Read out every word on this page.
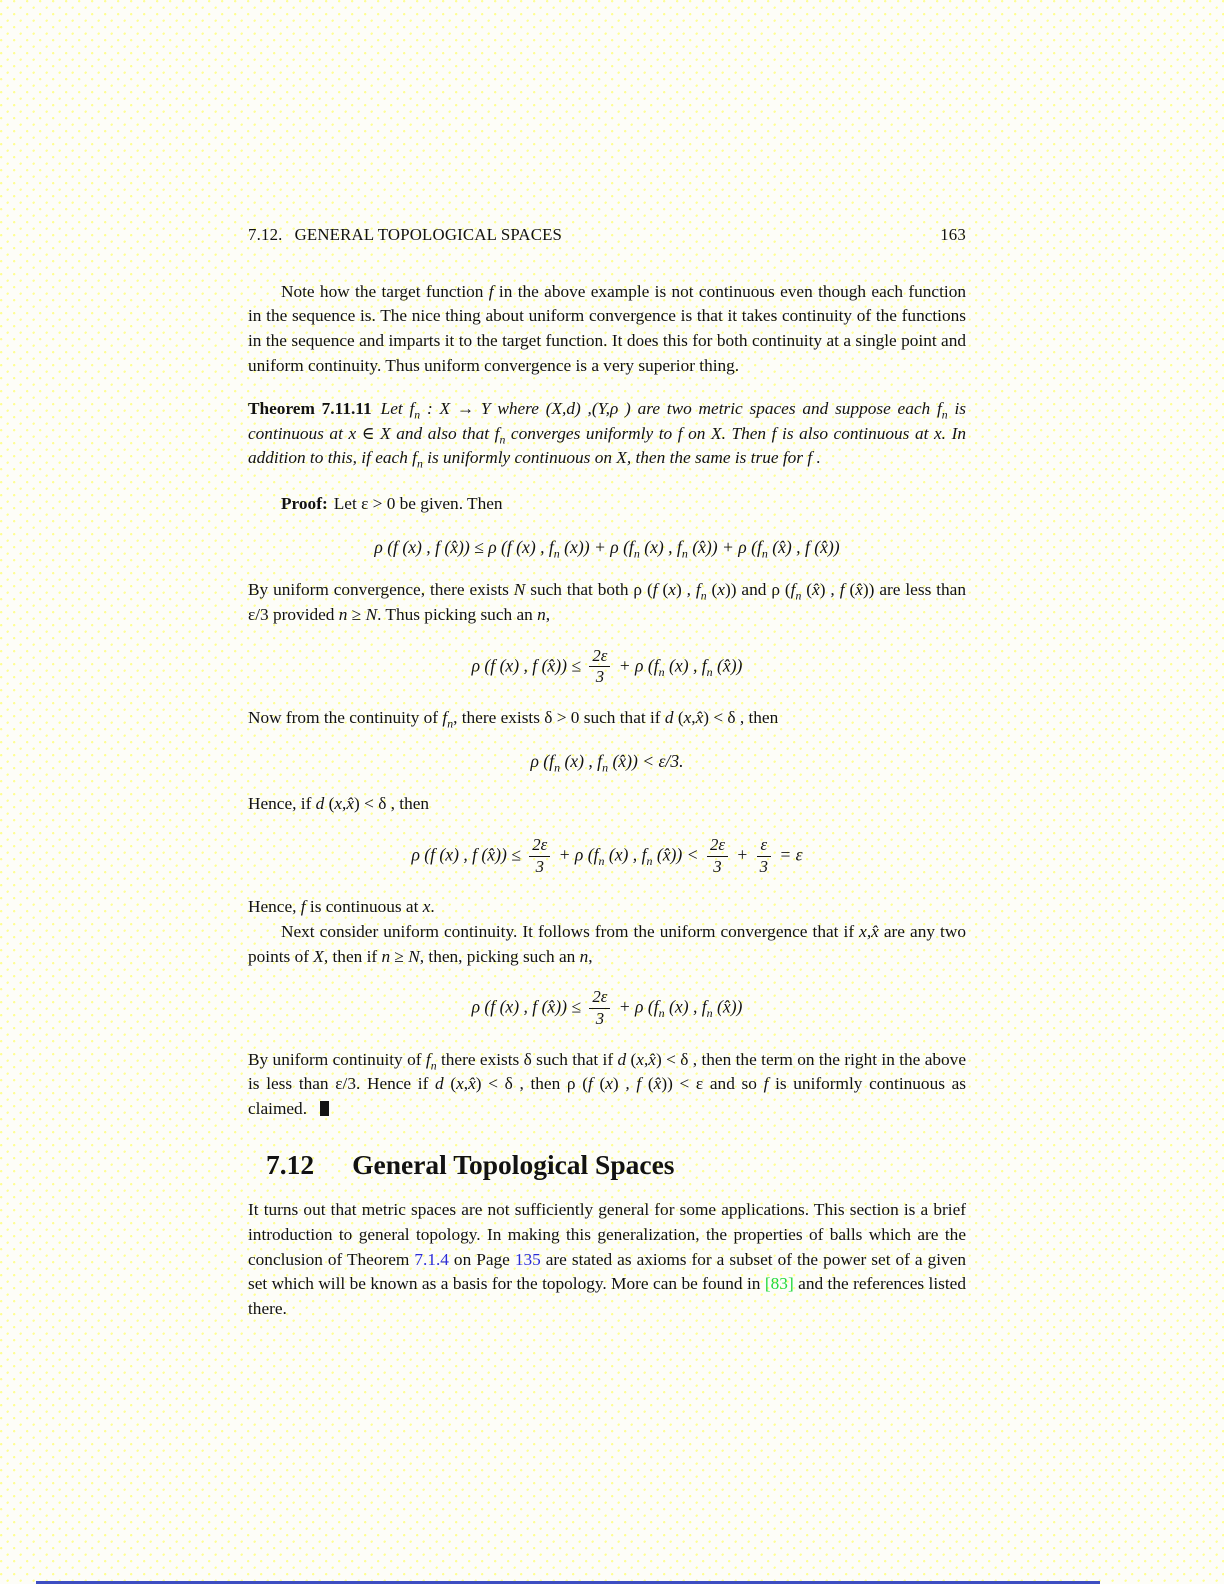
7.12. GENERAL TOPOLOGICAL SPACES	163

Note how the target function f in the above example is not continuous even though each function in the sequence is. The nice thing about uniform convergence is that it takes continuity of the functions in the sequence and imparts it to the target function. It does this for both continuity at a single point and uniform continuity. Thus uniform convergence is a very superior thing.

Theorem 7.11.11 Let $f_n$ : X → Y where (X,d) ,(Y,ρ ) are two metric spaces and suppose each $f_n$ is continuous at x ∈ X and also that $f_n$ converges uniformly to f on X. Then f is also continuous at x. In addition to this, if each $f_n$ is uniformly continuous on X, then the same is true for f .

Proof: Let ε > 0 be given. Then

ρ (f (x) , f (x̂)) ≤ ρ (f (x) , $f_n$ (x)) + ρ ($f_n$ (x) , $f_n$ (x̂)) + ρ ($f_n$ (x̂) , f (x̂))

By uniform convergence, there exists N such that both ρ (f (x) , $f_n$ (x)) and ρ ($f_n$ (x̂) , f (x̂)) are less than ε/3 provided n ≥ N. Thus picking such an n,

ρ (f (x) , f (x̂)) ≤ $\frac{2\varepsilon}{3} + \rho$ ($f_n$ (x) , $f_n$ (x̂))

Now from the continuity of $f_n$, there exists δ > 0 such that if d (x,x̂) < δ , then

ρ ($f_n$ (x) , $f_n$ (x̂)) < ε/3.

Hence, if d (x,x̂) < δ , then

ρ (f (x) , f (x̂)) ≤ $\frac{2\varepsilon}{3} + \rho$ ($f_n$ (x) , $f_n$ (x̂)) < $\frac{2\varepsilon}{3} + \frac{\varepsilon}{3} = \varepsilon$

Hence, f is continuous at x.

Next consider uniform continuity. It follows from the uniform convergence that if x,x̂ are any two points of X, then if n ≥ N, then, picking such an n,

ρ (f (x) , f (x̂)) ≤ $\frac{2\varepsilon}{3} + \rho$ ($f_n$ (x) , $f_n$ (x̂))

By uniform continuity of $f_n$ there exists δ such that if d (x,x̂) < δ , then the term on the right in the above is less than ε/3. Hence if d (x,x̂) < δ , then ρ (f (x) , f (x̂)) < ε and so f is uniformly continuous as claimed.

7.12 General Topological Spaces

It turns out that metric spaces are not sufficiently general for some applications. This section is a brief introduction to general topology. In making this generalization, the properties of balls which are the conclusion of Theorem 7.1.4 on Page 135 are stated as axioms for a subset of the power set of a given set which will be known as a basis for the topology. More can be found in [83] and the references listed there.
